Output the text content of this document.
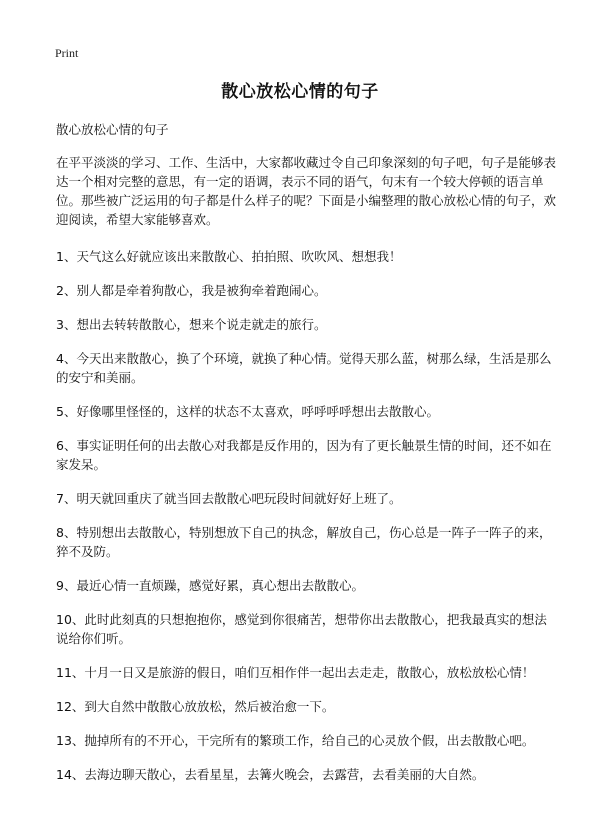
Print
散心放松心情的句子

散心放松心情的句子

在平平淡淡的学习、工作、生活中，大家都收藏过令自己印象深刻的句子吧，句子是能够表达一个相对完整的意思，有一定的语调，表示不同的语气，句末有一个较大停顿的语言单位。那些被广泛运用的句子都是什么样子的呢？下面是小编整理的散心放松心情的句子，欢迎阅读，希望大家能够喜欢。

1、天气这么好就应该出来散散心、拍拍照、吹吹风、想想我！

2、别人都是牵着狗散心，我是被狗牵着跑闹心。

3、想出去转转散散心，想来个说走就走的旅行。

4、今天出来散散心，换了个环境，就换了种心情。觉得天那么蓝，树那么绿，生活是那么的安宁和美丽。

5、好像哪里怪怪的，这样的状态不太喜欢，呼呼呼呼想出去散散心。

6、事实证明任何的出去散心对我都是反作用的，因为有了更长触景生情的时间，还不如在家发呆。

7、明天就回重庆了就当回去散散心吧玩段时间就好好上班了。

8、特别想出去散散心，特别想放下自己的执念，解放自己，伤心总是一阵子一阵子的来，猝不及防。

9、最近心情一直烦躁，感觉好累，真心想出去散散心。

10、此时此刻真的只想抱抱你，感觉到你很痛苦，想带你出去散散心，把我最真实的想法说给你们听。

11、十月一日又是旅游的假日，咱们互相作伴一起出去走走，散散心，放松放松心情！

12、到大自然中散散心放放松，然后被治愈一下。

13、抛掉所有的不开心，干完所有的繁琐工作，给自己的心灵放个假，出去散散心吧。

14、去海边聊天散心，去看星星，去篝火晚会，去露营，去看美丽的大自然。
